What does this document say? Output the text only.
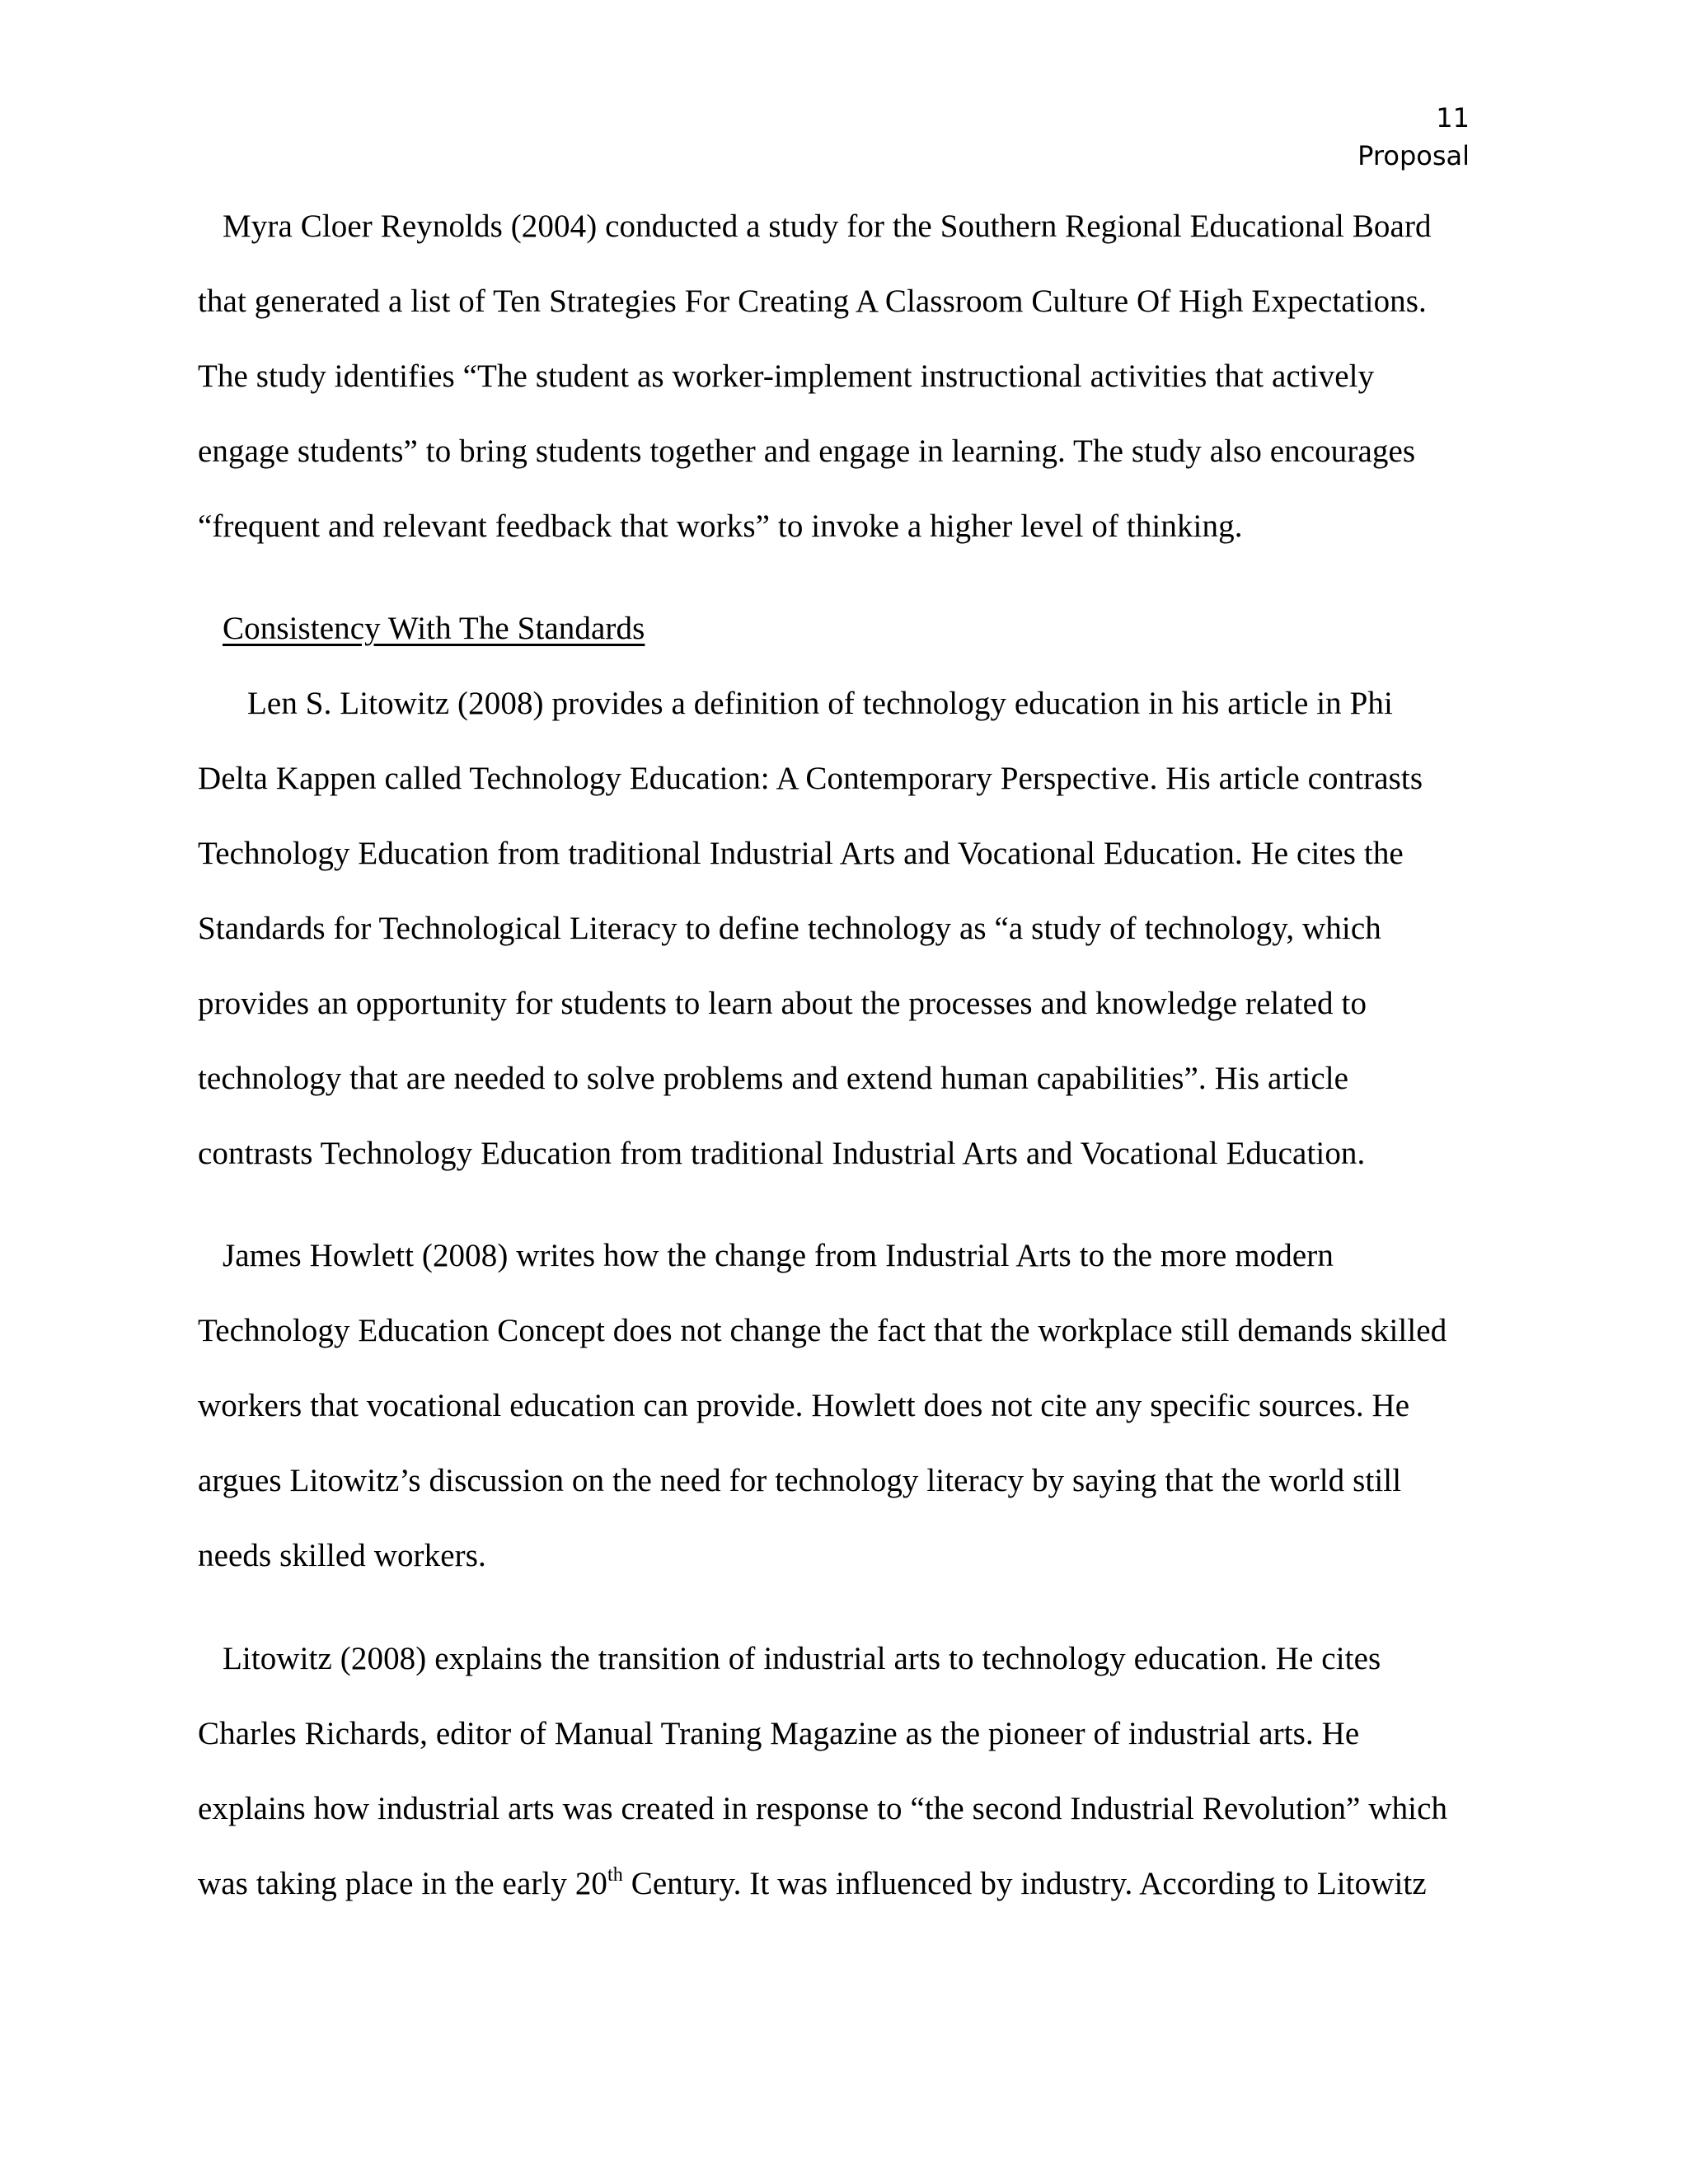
11
Proposal
Myra Cloer Reynolds (2004) conducted a study for the Southern Regional Educational Board
that generated a list of Ten Strategies For Creating A Classroom Culture Of High Expectations.
The study identifies “The student as worker-implement instructional activities that actively
engage students” to bring students together and engage in learning. The study also encourages
“frequent and relevant feedback that works” to invoke a higher level of thinking.
Consistency With The Standards
Len S. Litowitz (2008) provides a definition of technology education in his article in Phi
Delta Kappen called Technology Education: A Contemporary Perspective. His article contrasts
Technology Education from traditional Industrial Arts and Vocational Education. He cites the
Standards for Technological Literacy to define technology as “a study of technology, which
provides an opportunity for students to learn about the processes and knowledge related to
technology that are needed to solve problems and extend human capabilities”. His article
contrasts Technology Education from traditional Industrial Arts and Vocational Education.
James Howlett (2008) writes how the change from Industrial Arts to the more modern
Technology Education Concept does not change the fact that the workplace still demands skilled
workers that vocational education can provide. Howlett does not cite any specific sources. He
argues Litowitz’s discussion on the need for technology literacy by saying that the world still
needs skilled workers.
Litowitz (2008) explains the transition of industrial arts to technology education. He cites
Charles Richards, editor of Manual Traning Magazine as the pioneer of industrial arts. He
explains how industrial arts was created in response to “the second Industrial Revolution” which
was taking place in the early 20th Century. It was influenced by industry. According to Litowitz
